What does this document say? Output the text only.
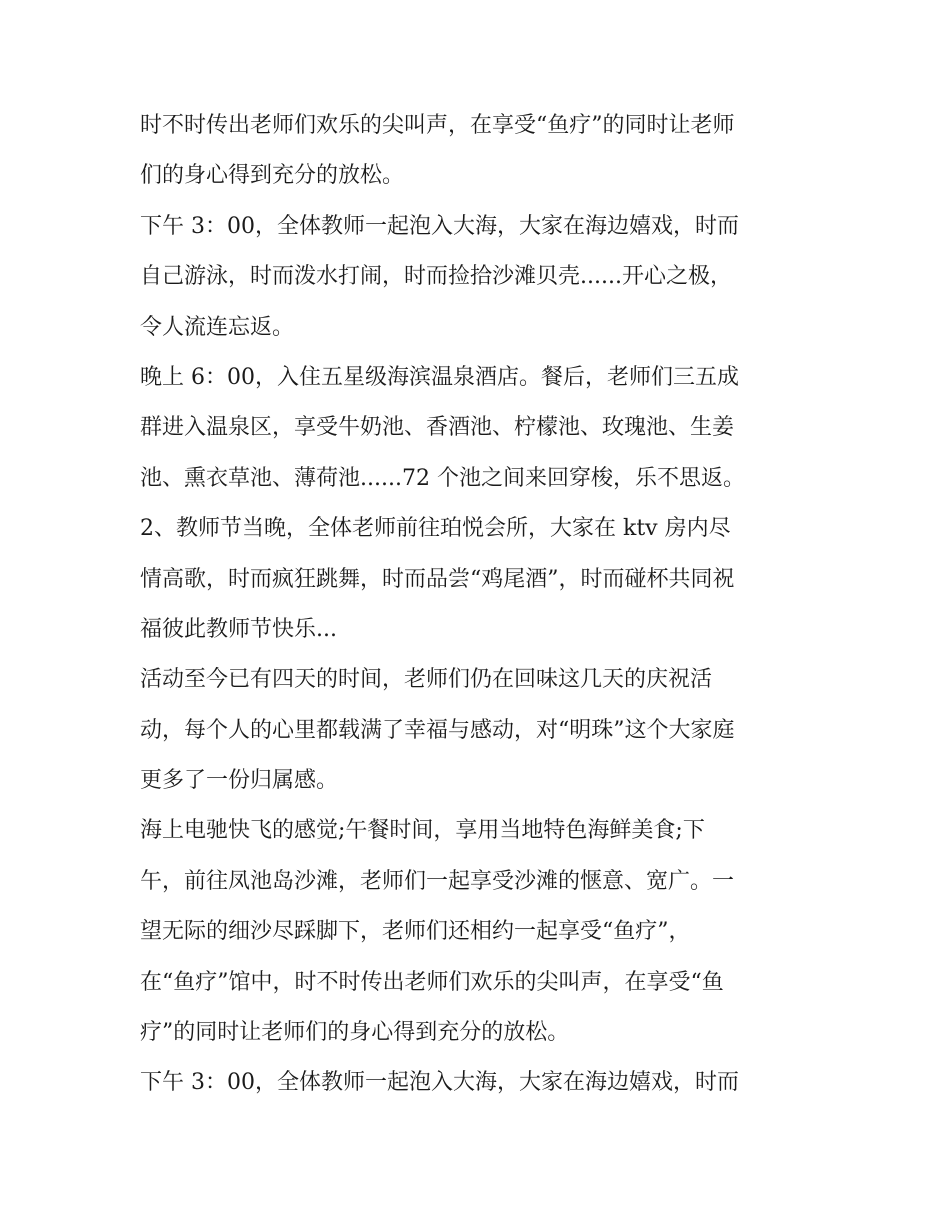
时不时传出老师们欢乐的尖叫声，在享受“鱼疗”的同时让老师
们的身心得到充分的放松。
下午 3：00，全体教师一起泡入大海，大家在海边嬉戏，时而
自己游泳，时而泼水打闹，时而捡拾沙滩贝壳......开心之极，
令人流连忘返。
晚上 6：00，入住五星级海滨温泉酒店。餐后，老师们三五成
群进入温泉区，享受牛奶池、香酒池、柠檬池、玫瑰池、生姜
池、熏衣草池、薄荷池......72 个池之间来回穿梭，乐不思返。
2、教师节当晚，全体老师前往珀悦会所，大家在 ktv 房内尽
情高歌，时而疯狂跳舞，时而品尝“鸡尾酒”，时而碰杯共同祝
福彼此教师节快乐...
活动至今已有四天的时间，老师们仍在回味这几天的庆祝活
动，每个人的心里都载满了幸福与感动，对“明珠”这个大家庭
更多了一份归属感。
海上电驰快飞的感觉;午餐时间，享用当地特色海鲜美食;下
午，前往凤池岛沙滩，老师们一起享受沙滩的惬意、宽广。一
望无际的细沙尽踩脚下，老师们还相约一起享受“鱼疗”，
在“鱼疗”馆中，时不时传出老师们欢乐的尖叫声，在享受“鱼
疗”的同时让老师们的身心得到充分的放松。
下午 3：00，全体教师一起泡入大海，大家在海边嬉戏，时而
